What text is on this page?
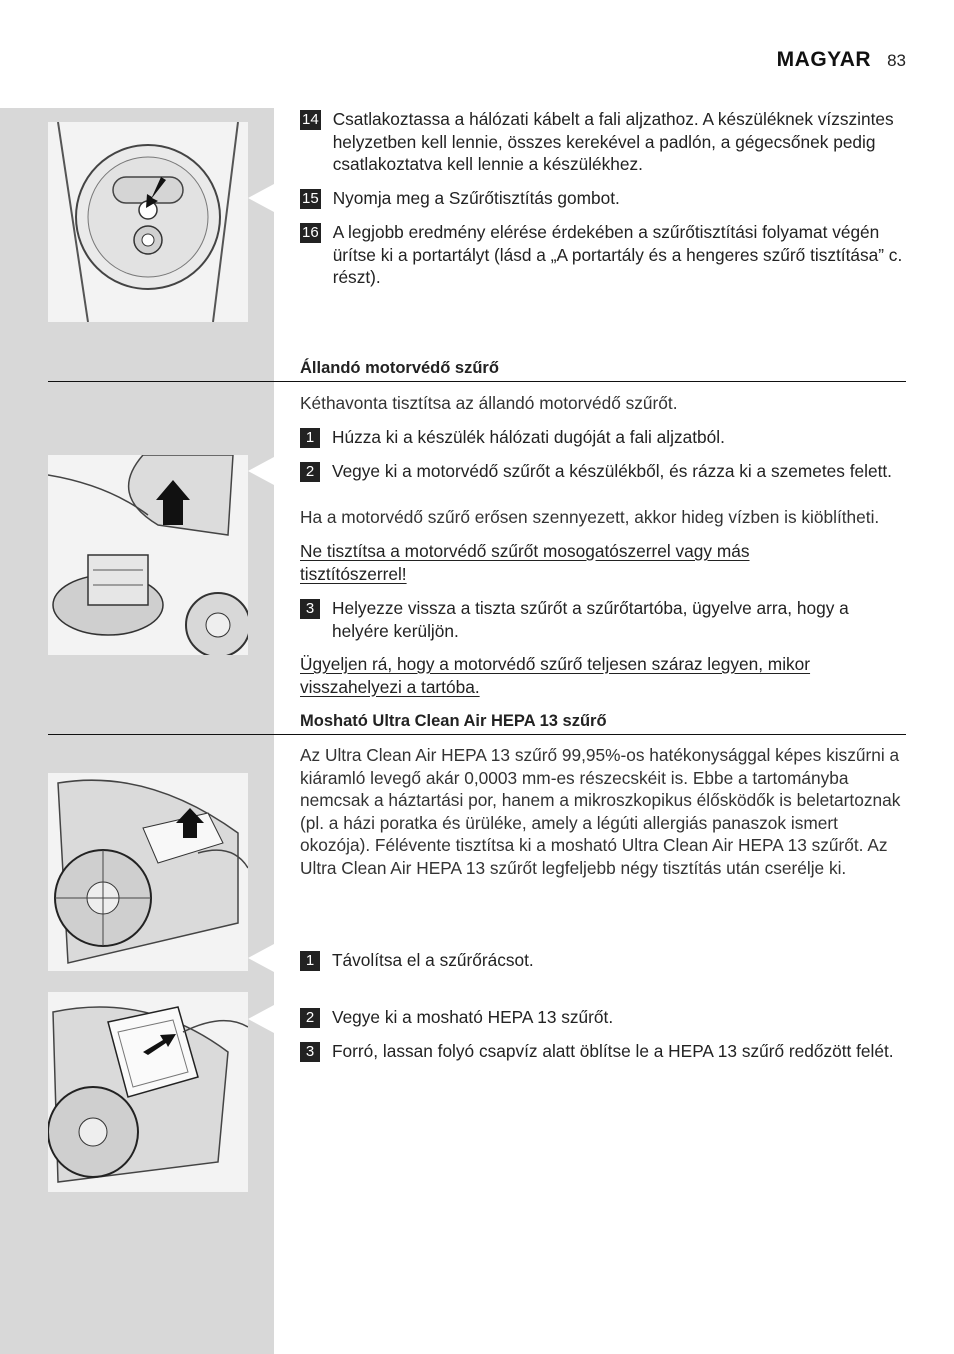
MAGYAR 83
14 Csatlakoztassa a hálózati kábelt a fali aljzathoz. A készüléknek vízszintes helyzetben kell lennie, összes kerekével a padlón, a gégecsőnek pedig csatlakoztatva kell lennie a készülékhez.
15 Nyomja meg a Szűrőtisztítás gombot.
16 A legjobb eredmény elérése érdekében a szűrőtisztítási folyamat végén ürítse ki a portartályt (lásd a „A portartály és a hengeres szűrő tisztítása” c. részt).
Állandó motorvédő szűrő
Kéthavonta tisztítsa az állandó motorvédő szűrőt.
1	Húzza ki a készülék hálózati dugóját a fali aljzatból.
2	Vegye ki a motorvédő szűrőt a készülékből, és rázza ki a szemetes felett.
Ha a motorvédő szűrő erősen szennyezett, akkor hideg vízben is kiöblítheti.
Ne tisztítsa a motorvédő szűrőt mosogatószerrel vagy más tisztítószerrel!
3	Helyezze vissza a tiszta szűrőt a szűrőtartóba, ügyelve arra, hogy a helyére kerüljön.
Ügyeljen rá, hogy a motorvédő szűrő teljesen száraz legyen, mikor visszahelyezi a tartóba.
Mosható Ultra Clean Air HEPA 13 szűrő
Az Ultra Clean Air HEPA 13 szűrő 99,95%-os hatékonysággal képes kiszűrni a kiáramló levegő akár 0,0003 mm-es részecskéit is. Ebbe a tartományba nemcsak a háztartási por, hanem a mikroszkopikus élősködők is beletartoznak (pl. a házi poratka és ürüléke, amely a légúti allergiás panaszok ismert okozója). Félévente tisztítsa ki a mosható Ultra Clean Air HEPA 13 szűrőt. Az Ultra Clean Air HEPA 13 szűrőt legfeljebb négy tisztítás után cserélje ki.
1	Távolítsa el a szűrőrácsot.
2	Vegye ki a mosható HEPA 13 szűrőt.
3	Forró, lassan folyó csapvíz alatt öblítse le a HEPA 13 szűrő redőzött felét.
